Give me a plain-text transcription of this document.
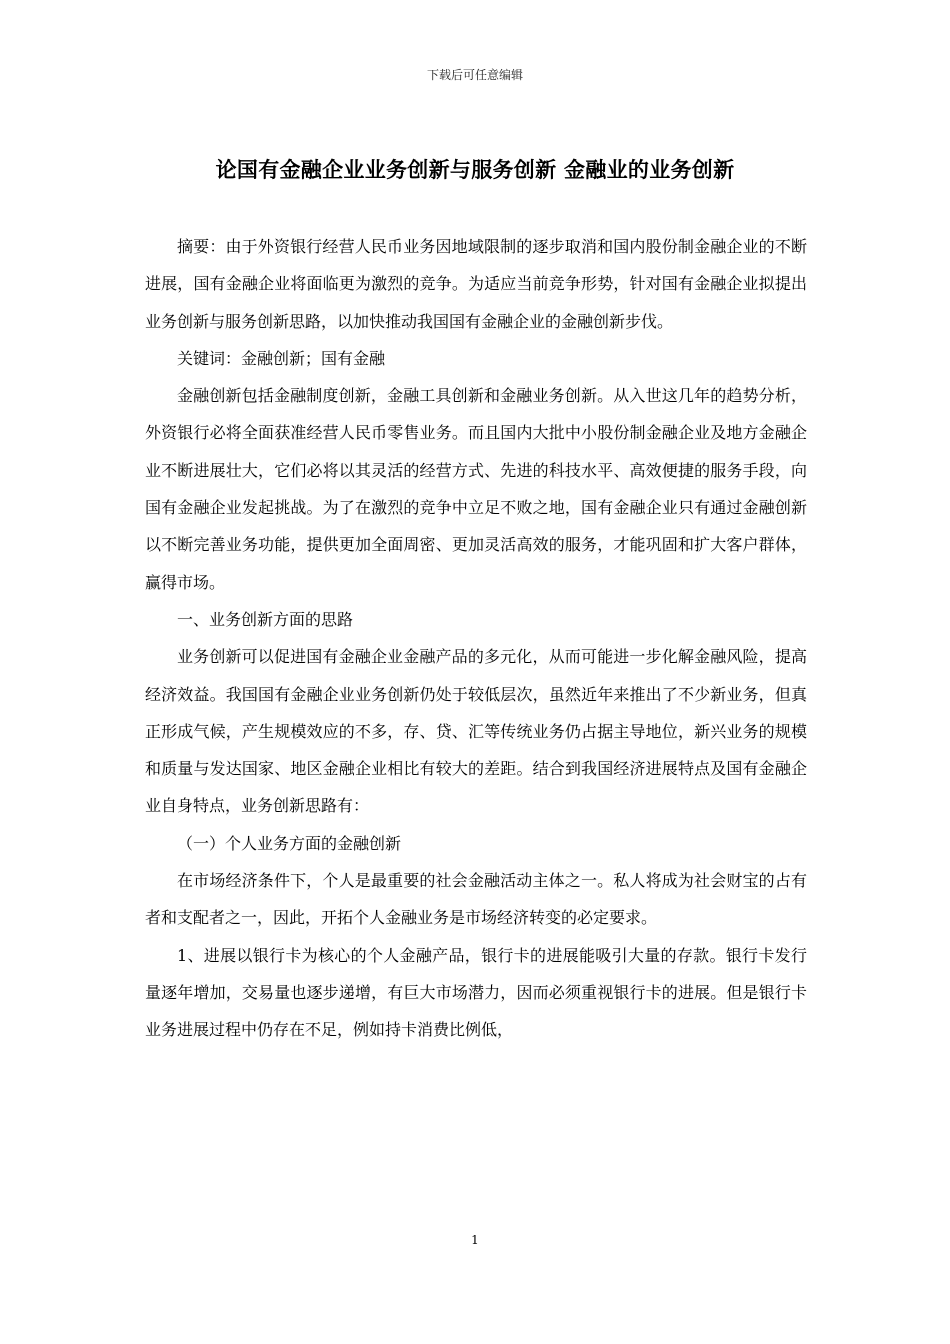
下载后可任意编辑
论国有金融企业业务创新与服务创新 金融业的业务创新

摘要：由于外资银行经营人民币业务因地域限制的逐步取消和国内股份制金融企业的不断进展，国有金融企业将面临更为激烈的竞争。为适应当前竞争形势，针对国有金融企业拟提出业务创新与服务创新思路，以加快推动我国国有金融企业的金融创新步伐。

关键词：金融创新；国有金融

金融创新包括金融制度创新，金融工具创新和金融业务创新。从入世这几年的趋势分析，外资银行必将全面获准经营人民币零售业务。而且国内大批中小股份制金融企业及地方金融企业不断进展壮大，它们必将以其灵活的经营方式、先进的科技水平、高效便捷的服务手段，向国有金融企业发起挑战。为了在激烈的竞争中立足不败之地，国有金融企业只有通过金融创新以不断完善业务功能，提供更加全面周密、更加灵活高效的服务，才能巩固和扩大客户群体，赢得市场。

一、业务创新方面的思路

业务创新可以促进国有金融企业金融产品的多元化，从而可能进一步化解金融风险，提高经济效益。我国国有金融企业业务创新仍处于较低层次，虽然近年来推出了不少新业务，但真正形成气候，产生规模效应的不多，存、贷、汇等传统业务仍占据主导地位，新兴业务的规模和质量与发达国家、地区金融企业相比有较大的差距。结合到我国经济进展特点及国有金融企业自身特点，业务创新思路有：

（一）个人业务方面的金融创新

在市场经济条件下，个人是最重要的社会金融活动主体之一。私人将成为社会财宝的占有者和支配者之一，因此，开拓个人金融业务是市场经济转变的必定要求。

1、进展以银行卡为核心的个人金融产品，银行卡的进展能吸引大量的存款。银行卡发行量逐年增加，交易量也逐步递增，有巨大市场潜力，因而必须重视银行卡的进展。但是银行卡业务进展过程中仍存在不足，例如持卡消费比例低，

1
